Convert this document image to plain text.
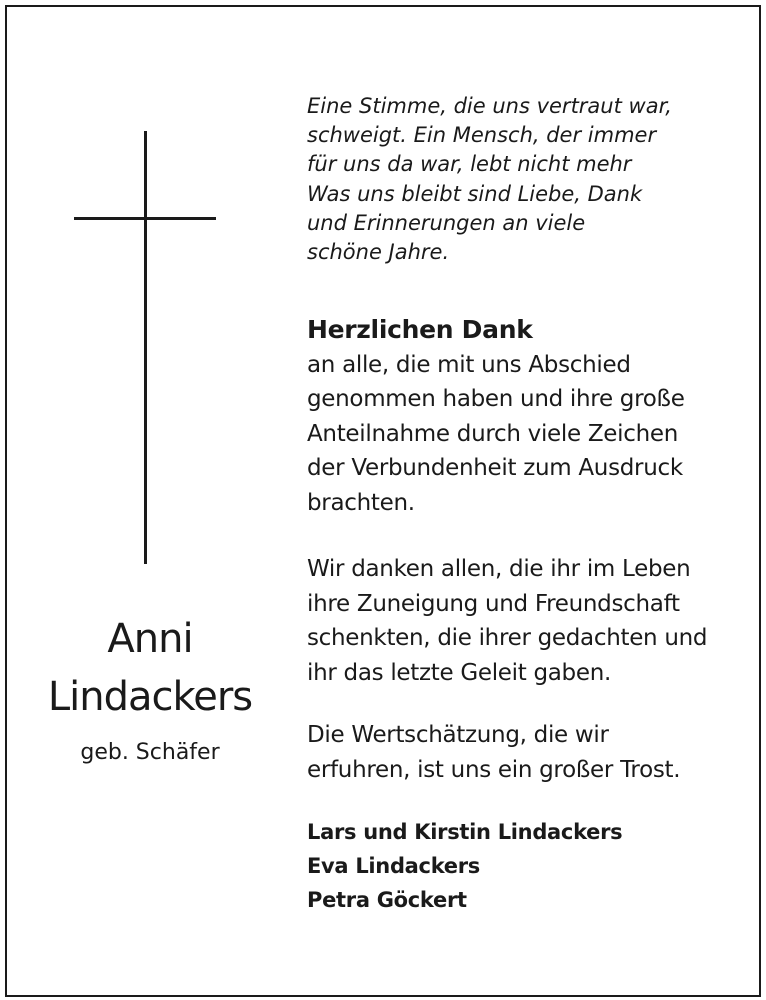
Anni
Lindackers
geb. Schäfer
Eine Stimme, die uns vertraut war,
schweigt. Ein Mensch, der immer
für uns da war, lebt nicht mehr
Was uns bleibt sind Liebe, Dank
und Erinnerungen an viele
schöne Jahre.
Herzlichen Dank
an alle, die mit uns Abschied
genommen haben und ihre große
Anteilnahme durch viele Zeichen
der Verbundenheit zum Ausdruck
brachten.
Wir danken allen, die ihr im Leben
ihre Zuneigung und Freundschaft
schenkten, die ihrer gedachten und
ihr das letzte Geleit gaben.
Die Wertschätzung, die wir
erfuhren, ist uns ein großer Trost.
Lars und Kirstin Lindackers
Eva Lindackers
Petra Göckert
